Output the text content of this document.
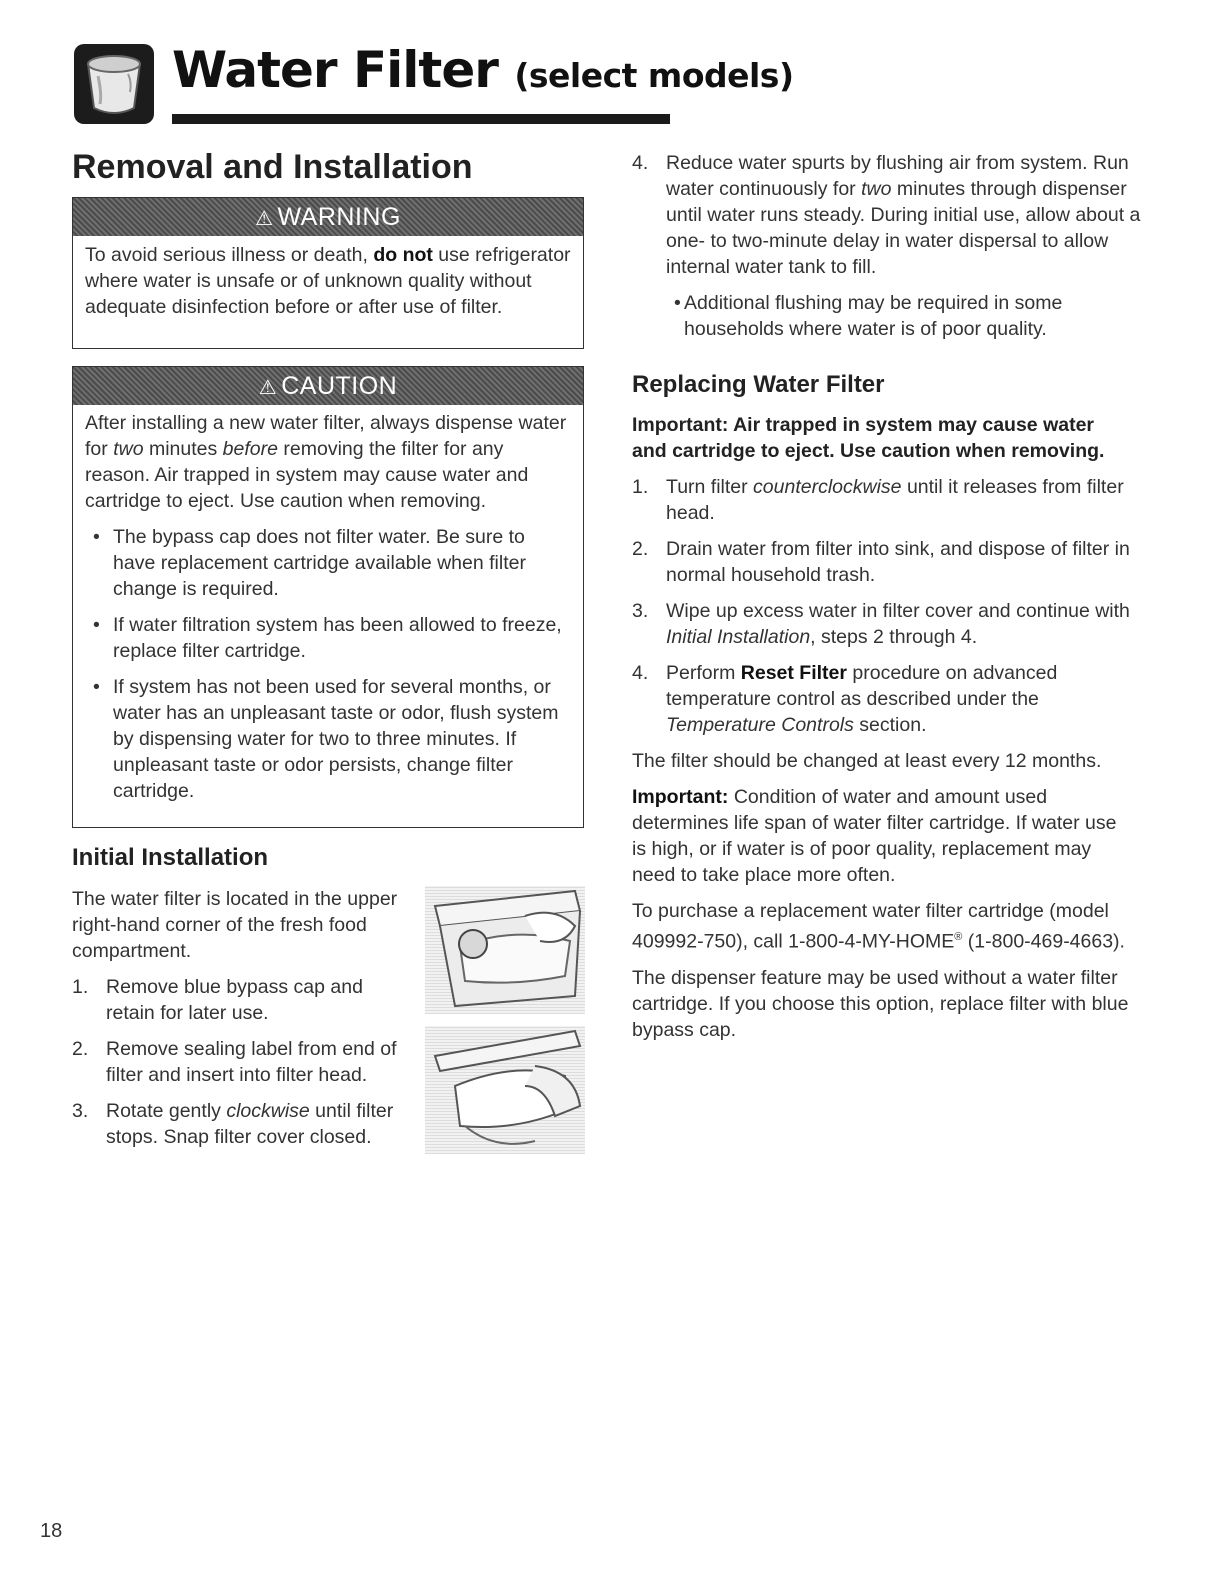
Water Filter (select models)
Removal and Installation
⚠ WARNING
To avoid serious illness or death, do not use refrigerator where water is unsafe or of unknown quality without adequate disinfection before or after use of filter.
⚠ CAUTION

After installing a new water filter, always dispense water for two minutes before removing the filter for any reason. Air trapped in system may cause water and cartridge to eject. Use caution when removing.

• The bypass cap does not filter water. Be sure to have replacement cartridge available when filter change is required.
• If water filtration system has been allowed to freeze, replace filter cartridge.
• If system has not been used for several months, or water has an unpleasant taste or odor, flush system by dispensing water for two to three minutes. If unpleasant taste or odor persists, change filter cartridge.
Initial Installation

The water filter is located in the upper right-hand corner of the fresh food compartment.

1. Remove blue bypass cap and retain for later use.
2. Remove sealing label from end of filter and insert into filter head.
3. Rotate gently clockwise until filter stops. Snap filter cover closed.
4. Reduce water spurts by flushing air from system. Run water continuously for two minutes through dispenser until water runs steady. During initial use, allow about a one- to two-minute delay in water dispersal to allow internal water tank to fill.
• Additional flushing may be required in some households where water is of poor quality.
Replacing Water Filter

Important: Air trapped in system may cause water and cartridge to eject. Use caution when removing.

1. Turn filter counterclockwise until it releases from filter head.
2. Drain water from filter into sink, and dispose of filter in normal household trash.
3. Wipe up excess water in filter cover and continue with Initial Installation, steps 2 through 4.
4. Perform Reset Filter procedure on advanced temperature control as described under the Temperature Controls section.

The filter should be changed at least every 12 months.

Important: Condition of water and amount used determines life span of water filter cartridge. If water use is high, or if water is of poor quality, replacement may need to take place more often.

To purchase a replacement water filter cartridge (model 409992-750), call 1-800-4-MY-HOME® (1-800-469-4663).

The dispenser feature may be used without a water filter cartridge. If you choose this option, replace filter with blue bypass cap.

18
